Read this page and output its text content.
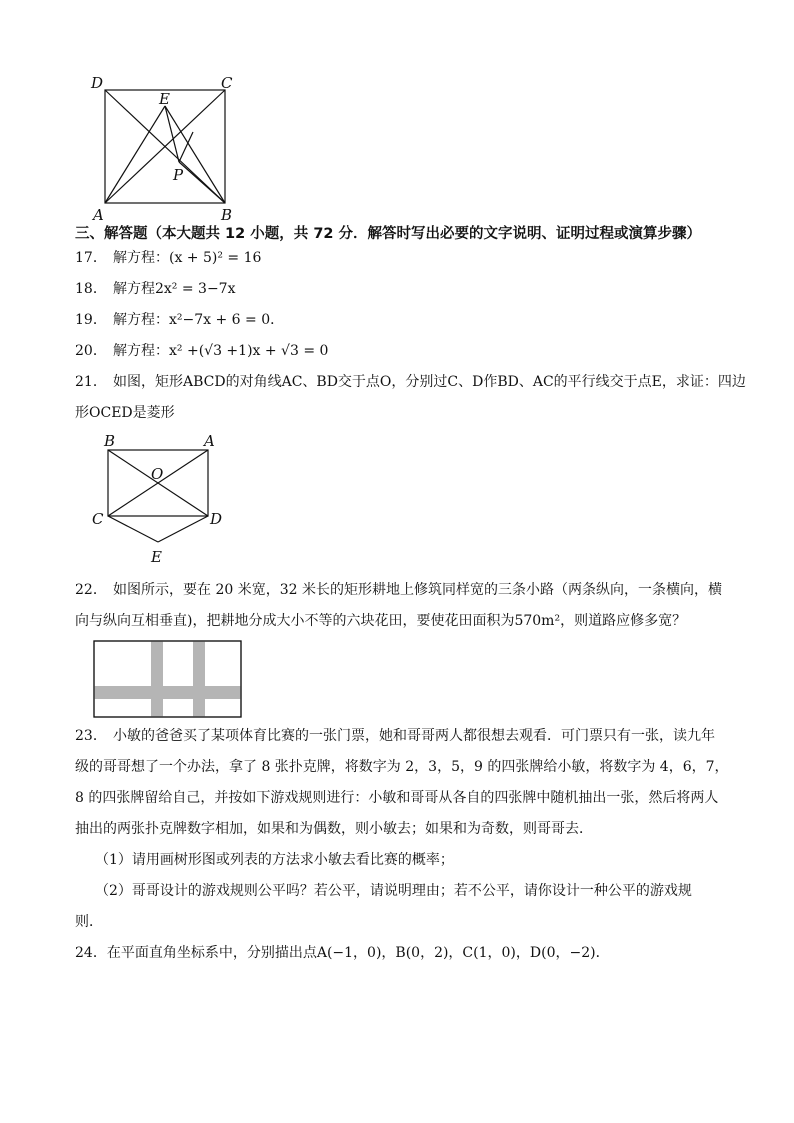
D	C
E
P
A	B
三、解答题（本大题共 12 小题，共 72 分．解答时写出必要的文字说明、证明过程或演算步骤）
17． 解方程：(x + 5)² = 16
18． 解方程2x² = 3−7x
19． 解方程：x²−7x + 6 = 0．
20． 解方程：x² +(√3 +1)x + √3 = 0
21． 如图，矩形ABCD的对角线AC、BD交于点O，分别过C、D作BD、AC的平行线交于点E，求证：四边
形OCED是菱形
B	A
O
C	D
E
22． 如图所示，要在 20 米宽，32 米长的矩形耕地上修筑同样宽的三条小路（两条纵向，一条横向，横
向与纵向互相垂直)，把耕地分成大小不等的六块花田，要使花田面积为570m²，则道路应修多宽？
23． 小敏的爸爸买了某项体育比赛的一张门票，她和哥哥两人都很想去观看．可门票只有一张，读九年
级的哥哥想了一个办法，拿了 8 张扑克牌，将数字为 2，3，5，9 的四张牌给小敏，将数字为 4，6，7，
8 的四张牌留给自己，并按如下游戏规则进行：小敏和哥哥从各自的四张牌中随机抽出一张，然后将两人
抽出的两张扑克牌数字相加，如果和为偶数，则小敏去；如果和为奇数，则哥哥去．
（1）请用画树形图或列表的方法求小敏去看比赛的概率；
（2）哥哥设计的游戏规则公平吗？若公平，请说明理由；若不公平，请你设计一种公平的游戏规
则．
24．在平面直角坐标系中，分别描出点A(−1，0)，B(0，2)，C(1，0)，D(0，−2)．
